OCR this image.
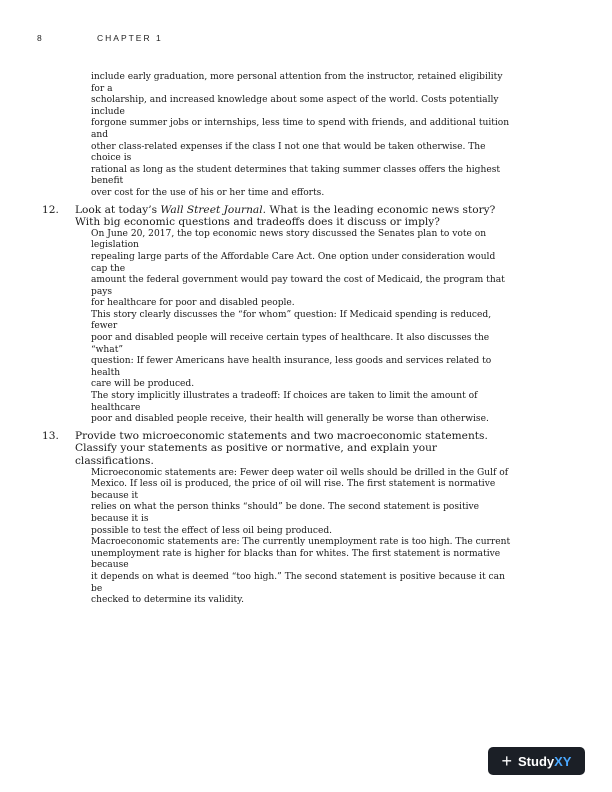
8	CHAPTER 1

include early graduation, more personal attention from the instructor, retained eligibility for a

scholarship, and increased knowledge about some aspect of the world. Costs potentially include

forgone summer jobs or internships, less time to spend with friends, and additional tuition and

other class-related expenses if the class I not one that would be taken otherwise. The choice is

rational as long as the student determines that taking summer classes offers the highest benefit

over cost for the use of his or her time and efforts.

12.	Look at today’s Wall Street Journal. What is the leading economic news story? With big economic questions and tradeoffs does it discuss or imply?

On June 20, 2017, the top economic news story discussed the Senates plan to vote on legislation

repealing large parts of the Affordable Care Act. One option under consideration would cap the

amount the federal government would pay toward the cost of Medicaid, the program that pays

for healthcare for poor and disabled people.

This story clearly discusses the “for whom” question: If Medicaid spending is reduced, fewer

poor and disabled people will receive certain types of healthcare. It also discusses the “what”

question: If fewer Americans have health insurance, less goods and services related to health

care will be produced.

The story implicitly illustrates a tradeoff: If choices are taken to limit the amount of healthcare

poor and disabled people receive, their health will generally be worse than otherwise.

13.	Provide two microeconomic statements and two macroeconomic statements. Classify your statements as positive or normative, and explain your classifications.

Microeconomic statements are: Fewer deep water oil wells should be drilled in the Gulf of

Mexico. If less oil is produced, the price of oil will rise. The first statement is normative because it

relies on what the person thinks “should” be done. The second statement is positive because it is

possible to test the effect of less oil being produced.

Macroeconomic statements are: The currently unemployment rate is too high. The current

unemployment rate is higher for blacks than for whites. The first statement is normative because

it depends on what is deemed “too high.” The second statement is positive because it can be

checked to determine its validity.

+ StudyXY
